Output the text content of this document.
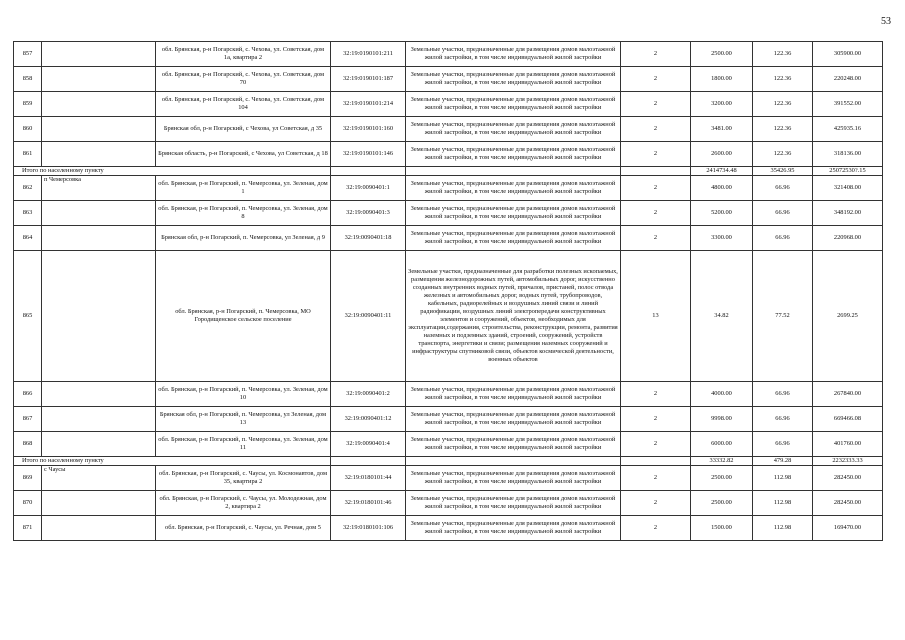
53
857		обл. Брянская, р-н Погарский, с. Чехова, ул. Советская, дом 1а, квартира 2	32:19:0190101:211	Земельные участки, предназначенные для размещения домов малоэтажной жилой застройки, в том числе индивидуальной жилой застройки	2	2500.00	122.36	305900.00
858		обл. Брянская, р-н Погарский, с. Чехова, ул. Советская, дом 70	32:19:0190101:187	Земельные участки, предназначенные для размещения домов малоэтажной жилой застройки, в том числе индивидуальной жилой застройки	2	1800.00	122.36	220248.00
859		обл. Брянская, р-н Погарский, с. Чехова, ул. Советская, дом 104	32:19:0190101:214	Земельные участки, предназначенные для размещения домов малоэтажной жилой застройки, в том числе индивидуальной жилой застройки	2	3200.00	122.36	391552.00
860		Брянская обл, р-н Погарский, с Чехова, ул Советская, д 35	32:19:0190101:160	Земельные участки, предназначенные для размещения домов малоэтажной жилой застройки, в том числе индивидуальной жилой застройки	2	3481.00	122.36	425935.16
861		Брянская область, р-н Погарский, с Чехова, ул Советская, д 18	32:19:0190101:146	Земельные участки, предназначенные для размещения домов малоэтажной жилой застройки, в том числе индивидуальной жилой застройки	2	2600.00	122.36	318136.00
Итого по населенному пункту						2414734.48	35426.95	25072530?.15
862	п Чемерсовка	обл. Брянская, р-н Погарский, п. Чемерсовка, ул. Зеленая, дом 1	32:19:0090401:1	Земельные участки, предназначенные для размещения домов малоэтажной жилой застройки, в том числе индивидуальной жилой застройки	2	4800.00	66.96	321408.00
863		обл. Брянская, р-н Погарский, п. Чемерсовка, ул. Зеленая, дом 8	32:19:0090401:3	Земельные участки, предназначенные для размещения домов малоэтажной жилой застройки, в том числе индивидуальной жилой застройки	2	5200.00	66.96	348192.00
864		Брянская обл, р-н Погарский, п. Чемерсовка, ул Зеленая, д 9	32:19:0090401:18	Земельные участки, предназначенные для размещения домов малоэтажной жилой застройки, в том числе индивидуальной жилой застройки	2	3300.00	66.96	220968.00
865		обл. Брянская, р-н Погарский, п. Чемерсовка, МО Городищенское сельское поселение	32:19:0090401:11	Земельные участки, предназначенные для разработки полезных ископаемых, размещения железнодорожных путей, автомобильных дорог, искусственно созданных внутренних водных путей, причалов, пристаней, полос отвода железных и автомобильных дорог, водных путей, трубопроводов, кабельных, радиорелейных и воздушных линий связи и линий радиофикации, воздушных линий электропередачи конструктивных элементов и сооружений, объектов, необходимых для эксплуатации,содержания, строительства, реконструкции, ремонта, развития наземных и подземных зданий, строений, сооружений, устройств транспорта, энергетики и связи; размещения наземных сооружений и инфраструктуры спутниковой связи, объектов космической деятельности, военных объектов	13	34.82	77.52	2699.25
866		обл. Брянская, р-н Погарский, п. Чемерсовка, ул. Зеленая, дом 10	32:19:0090401:2	Земельные участки, предназначенные для размещения домов малоэтажной жилой застройки, в том числе индивидуальной жилой застройки	2	4000.00	66.96	267840.00
867		Брянская обл, р-н Погарский, п. Чемерсовка, ул Зеленая, дом 13	32:19:0090401:12	Земельные участки, предназначенные для размещения домов малоэтажной жилой застройки, в том числе индивидуальной жилой застройки	2	9998.00	66.96	669466.08
868		обл. Брянская, р-н Погарский, п. Чемерсовка, ул. Зеленая, дом 11	32:19:0090401:4	Земельные участки, предназначенные для размещения домов малоэтажной жилой застройки, в том числе индивидуальной жилой застройки	2	6000.00	66.96	401760.00
Итого по населенному пункту						33332.82	479.28	2232333.33
869	с Чаусы	обл. Брянская, р-н Погарский, с. Чаусы, ул. Космонавтов, дом 35, квартира 2	32:19:0180101:44	Земельные участки, предназначенные для размещения домов малоэтажной жилой застройки, в том числе индивидуальной жилой застройки	2	2500.00	112.98	282450.00
870		обл. Брянская, р-н Погарский, с. Чаусы, ул. Молодежная, дом 2, квартира 2	32:19:0180101:46	Земельные участки, предназначенные для размещения домов малоэтажной жилой застройки, в том числе индивидуальной жилой застройки	2	2500.00	112.98	282450.00
871		обл. Брянская, р-н Погарский, с. Чаусы, ул. Речная, дом 5	32:19:0180101:106	Земельные участки, предназначенные для размещения домов малоэтажной жилой застройки, в том числе индивидуальной жилой застройки	2	1500.00	112.98	169470.00
